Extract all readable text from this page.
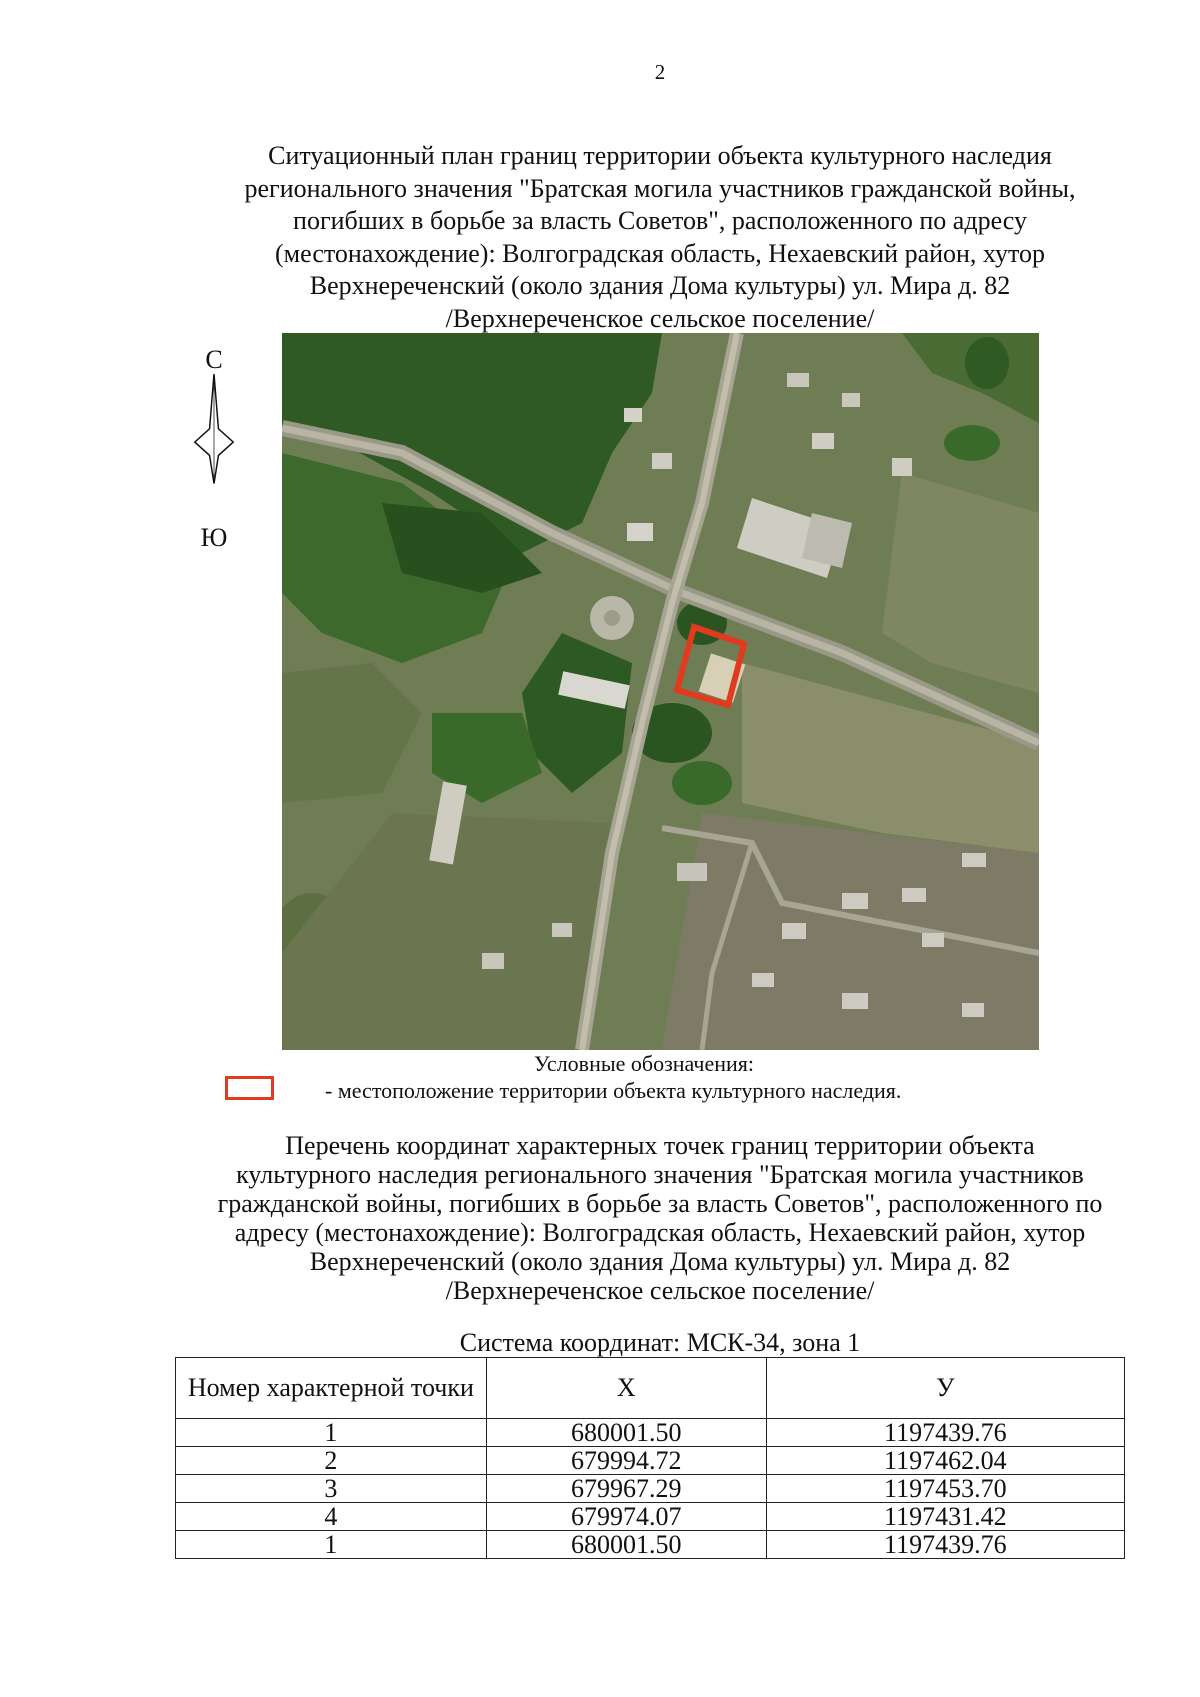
2
Ситуационный план границ территории объекта культурного наследия
регионального значения "Братская могила участников гражданской войны,
погибших в борьбе за власть Советов", расположенного по адресу
(местонахождение): Волгоградская область, Нехаевский район, хутор
Верхнереченский (около здания Дома культуры) ул. Мира д. 82
/Верхнереченское сельское поселение/
С
Ю
Условные обозначения:
- местоположение территории объекта культурного наследия.
Перечень координат характерных точек границ территории объекта
культурного наследия регионального значения "Братская могила участников
гражданской войны, погибших в борьбе за власть Советов", расположенного по
адресу (местонахождение): Волгоградская область, Нехаевский район, хутор
Верхнереченский (около здания Дома культуры) ул. Мира д. 82
/Верхнереченское сельское поселение/
Система координат: МСК-34, зона 1
Номер характерной точки	X	У
1	680001.50	1197439.76
2	679994.72	1197462.04
3	679967.29	1197453.70
4	679974.07	1197431.42
1	680001.50	1197439.76
